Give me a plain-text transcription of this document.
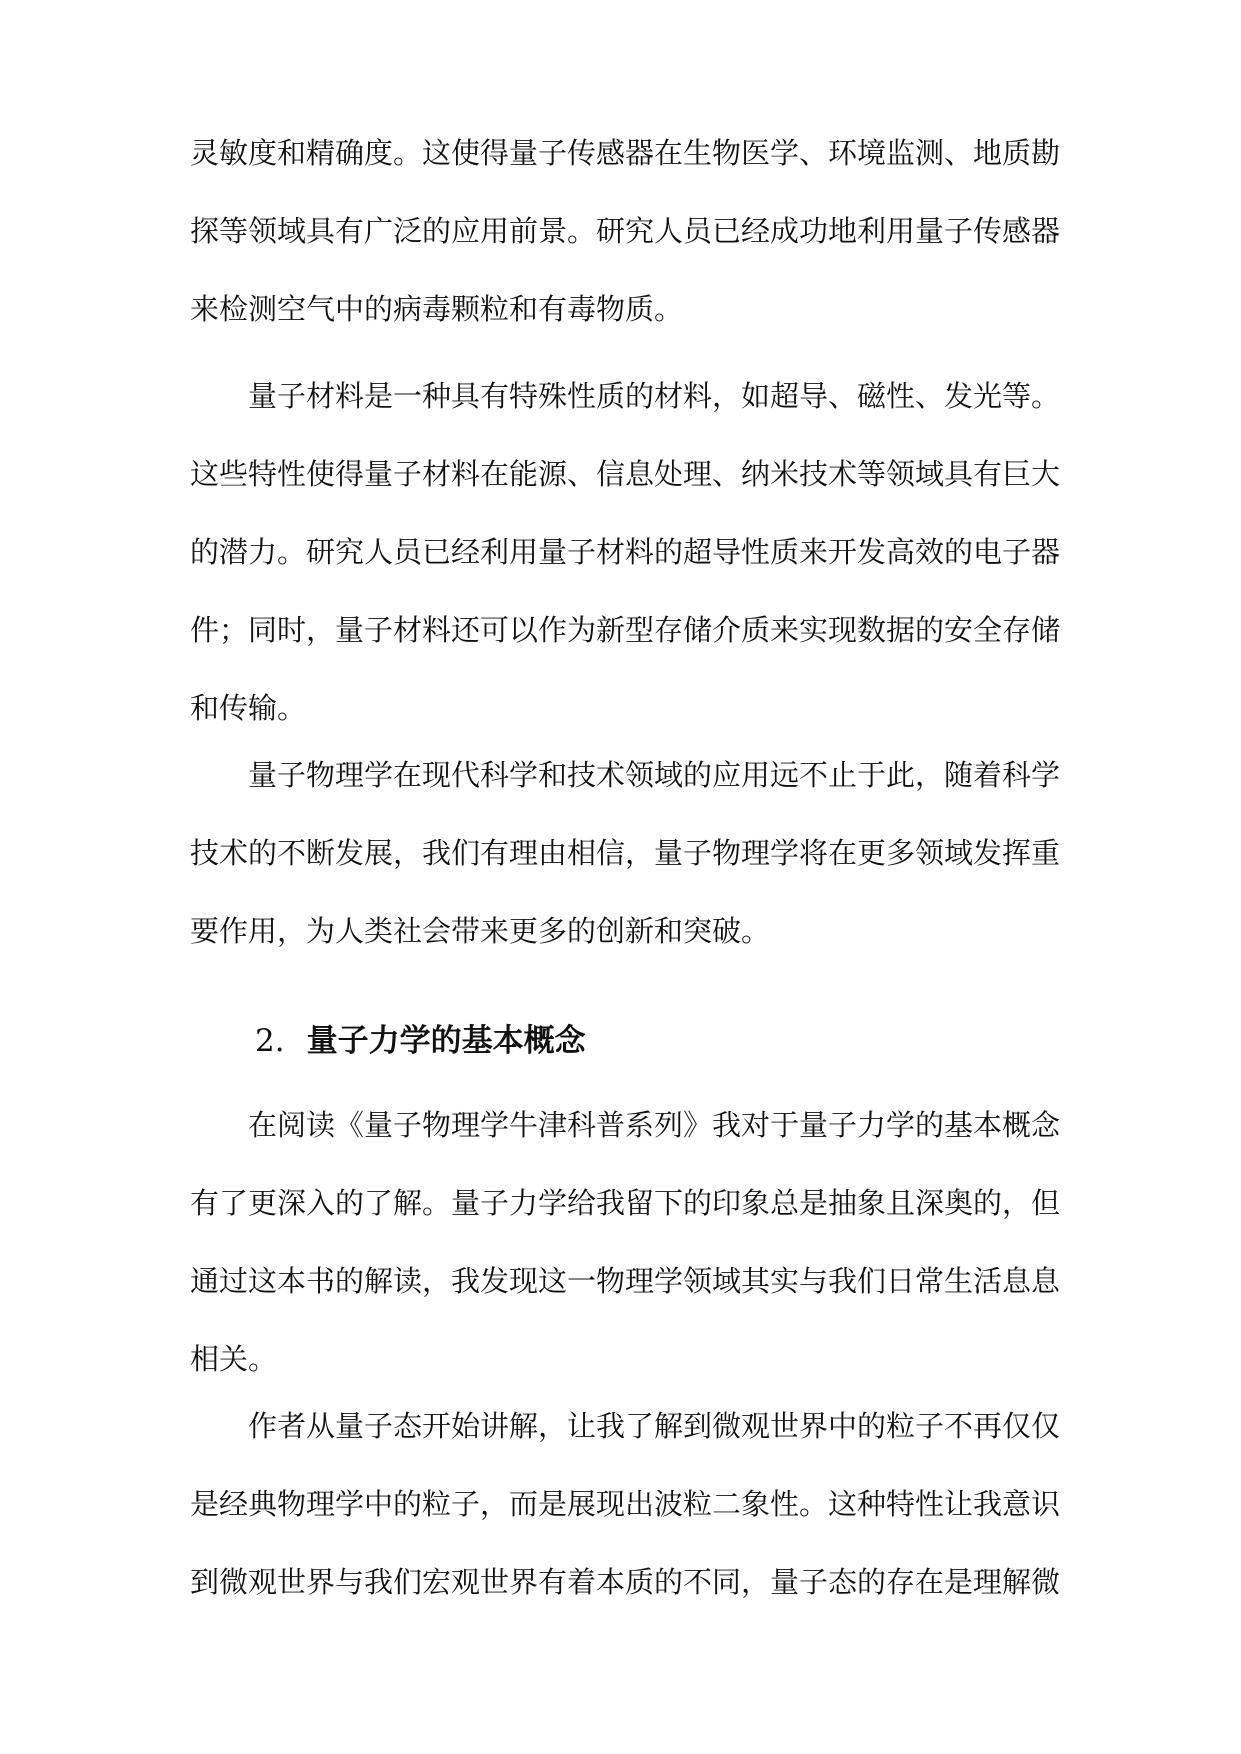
灵敏度和精确度。这使得量子传感器在生物医学、环境监测、地质勘
探等领域具有广泛的应用前景。研究人员已经成功地利用量子传感器
来检测空气中的病毒颗粒和有毒物质。
量子材料是一种具有特殊性质的材料，如超导、磁性、发光等。
这些特性使得量子材料在能源、信息处理、纳米技术等领域具有巨大
的潜力。研究人员已经利用量子材料的超导性质来开发高效的电子器
件；同时，量子材料还可以作为新型存储介质来实现数据的安全存储
和传输。
量子物理学在现代科学和技术领域的应用远不止于此，随着科学
技术的不断发展，我们有理由相信，量子物理学将在更多领域发挥重
要作用，为人类社会带来更多的创新和突破。
2. 量子力学的基本概念
在阅读《量子物理学牛津科普系列》我对于量子力学的基本概念
有了更深入的了解。量子力学给我留下的印象总是抽象且深奥的，但
通过这本书的解读，我发现这一物理学领域其实与我们日常生活息息
相关。
作者从量子态开始讲解，让我了解到微观世界中的粒子不再仅仅
是经典物理学中的粒子，而是展现出波粒二象性。这种特性让我意识
到微观世界与我们宏观世界有着本质的不同，量子态的存在是理解微
